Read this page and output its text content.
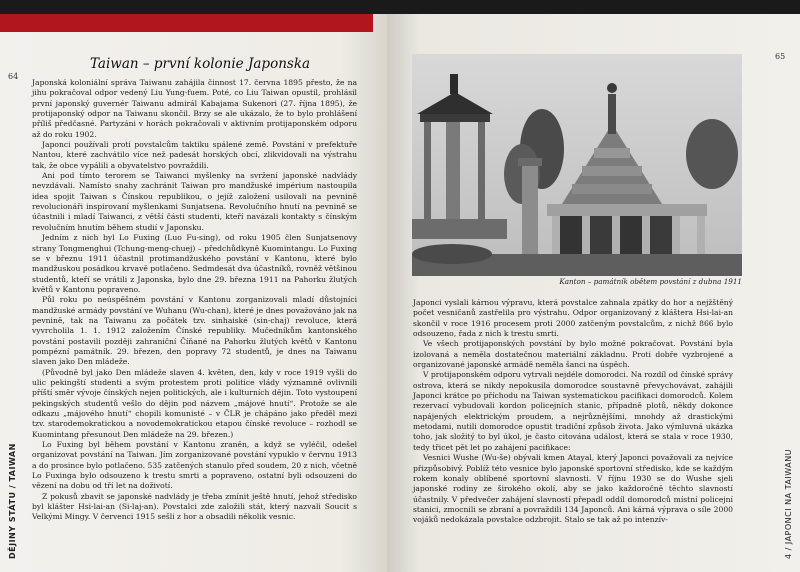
64
Taiwan – první kolonie Japonska

Japonská koloniální správa Taiwanu zahájila činnost 17. června 1895 přesto, že na jihu pokračoval odpor vedený Liu Yung-fuem. Poté, co Liu Taiwan opustil, prohlásil první japonský guvernér Taiwanu admirál Kabajama Sukenori (27. října 1895), že protijaponský odpor na Taiwanu skončil. Brzy se ale ukázalo, že to bylo prohlášení příliš předčasné. Partyzáni v horách pokračovali v aktivním protijaponském odporu až do roku 1902.

Japonci používali proti povstalcům taktiku spálené země. Povstání v prefektuře Nantou, které zachvátilo více než padesát horských obcí, zlikvidovali na výstrahu tak, že obce vypálili a obyvatelstvo povraždili.

Ani pod tímto terorem se Taiwanci myšlenky na svržení japonské nadvlády nevzdávali. Namísto snahy zachránit Taiwan pro mandžuské impérium nastoupila idea spojit Taiwan s Čínskou republikou, o jejíž založení usilovali na pevnině revolucionáři inspirovaní myšlenkami Sunjatsena. Revolučního hnutí na pevnině se účastnili i mladí Taiwanci, z větší části studenti, kteří navázali kontakty s čínským revolučním hnutím během studií v Japonsku.

Jedním z nich byl Lo Fuxing (Luo Fu-sing), od roku 1905 člen Sunjatsenovy strany Tongmenghui (Tchung-meng-chuej) – předchůdkyně Kuomintangu. Lo Fuxing se v březnu 1911 účastnil protimandžuského povstání v Kantonu, které bylo mandžuskou posádkou krvavě potlačeno. Sedmdesát dva účastníků, rovněž většinou studentů, kteří se vrátili z Japonska, bylo dne 29. března 1911 na Pahorku žlutých květů v Kantonu popraveno.

Půl roku po neúspěšném povstání v Kantonu zorganizovali mladí důstojníci mandžuské armády povstání ve Wuhanu (Wu-chan), které je dnes považováno jak na pevnině, tak na Taiwanu za počátek tzv. sinhaiské (sin-chaj) revoluce, která vyvrcholila 1. 1. 1912 založením Čínské republiky. Mučedníkům kantonského povstání postavili později zahraniční Číňané na Pahorku žlutých květů v Kantonu pompézní památník. 29. březen, den popravy 72 studentů, je dnes na Taiwanu slaven jako Den mládeže.

(Původně byl jako Den mládeže slaven 4. květen, den, kdy v roce 1919 vyšli do ulic pekingští studenti a svým protestem proti politice vlády významně ovlivnili příští směr vývoje čínských nejen politických, ale i kulturních dějin. Toto vystoupení pekingských studentů vešlo do dějin pod názvem „májové hnutí“. Protože se ale odkazu „májového hnutí“ chopili komunisté – v ČLR je chápáno jako předěl mezi tzv. starodemokratickou a novodemokratickou etapou čínské revoluce – rozhodl se Kuomintang přesunout Den mládeže na 29. březen.)

Lo Fuxing byl během povstání v Kantonu zraněn, a když se vyléčil, odešel organizovat povstání na Taiwan. Jím zorganizované povstání vypuklo v červnu 1913 a do prosince bylo potlačeno. 535 zatčených stanulo před soudem, 20 z nich, včetně Lo Fuxinga bylo odsouzeno k trestu smrti a popraveno, ostatní byli odsouzeni do vězení na dobu od tří let na doživotí.

Z pokusů zbavit se japonské nadvlády je třeba zmínit ještě hnutí, jehož středisko byl klášter Hsi-lai-an (Si-laj-an). Povstalci zde založili stát, který nazvali Soucit s Velkými Mingy. V červenci 1915 sešli z hor a obsadili několik vesnic.

DĚJINY STÁTU / TAIWAN
65
Kanton – památník obětem povstání z dubna 1911

Japonci vyslali kárnou výpravu, která povstalce zahnala zpátky do hor a nejžštěný počet vesničanů zastřelila pro výstrahu. Odpor organizovaný z kláštera Hsi-lai-an skončil v roce 1916 procesem proti 2000 zatčeným povstalcům, z nichž 866 bylo odsouzeno, řada z nich k trestu smrti.

Ve všech protijaponských povstání by bylo možné pokračovat. Povstání byla izolovaná a neměla dostatečnou materiální základnu. Proti dobře vyzbrojené a organizované japonské armádě neměla šanci na úspěch.

V protijaponském odporu vytrvali nejdéle domorodci. Na rozdíl od čínské správy ostrova, která se nikdy nepokusila domorodce soustavně převychovávat, zahájili Japonci krátce po příchodu na Taiwan systematickou pacifikaci domorodců. Kolem rezervací vybudovali kordon policejních stanic, případně plotů, někdy dokonce napájených elektrickým proudem, a nejrůznějšími, mnohdy až drastickými metodami, nutili domorodce opustit tradiční způsob života. Jako výmluvná ukázka toho, jak složitý to byl úkol, je často citována událost, která se stala v roce 1930, tedy třicet pět let po zahájení pacifikace:

Vesnici Wushe (Wu-še) obývali kmen Atayal, který Japonci považovali za nejvíce přizpůsobivý. Poblíž této vesnice bylo japonské sportovní středisko, kde se každým rokem konaly oblíbené sportovní slavnosti. V říjnu 1930 se do Wushe sjeli japonské rodiny ze širokého okolí, aby se jako každoročně těchto slavností účastnily. V předvečer zahájení slavností přepadl oddíl domorodců místní policejní stanici, zmocnili se zbraní a povraždili 134 Japonců. Ani kárná výprava o síle 2000 vojáků nedokázala povstalce odzbrojit. Stalo se tak až po intenzív-	4 / JAPONCI NA TAIWANU
